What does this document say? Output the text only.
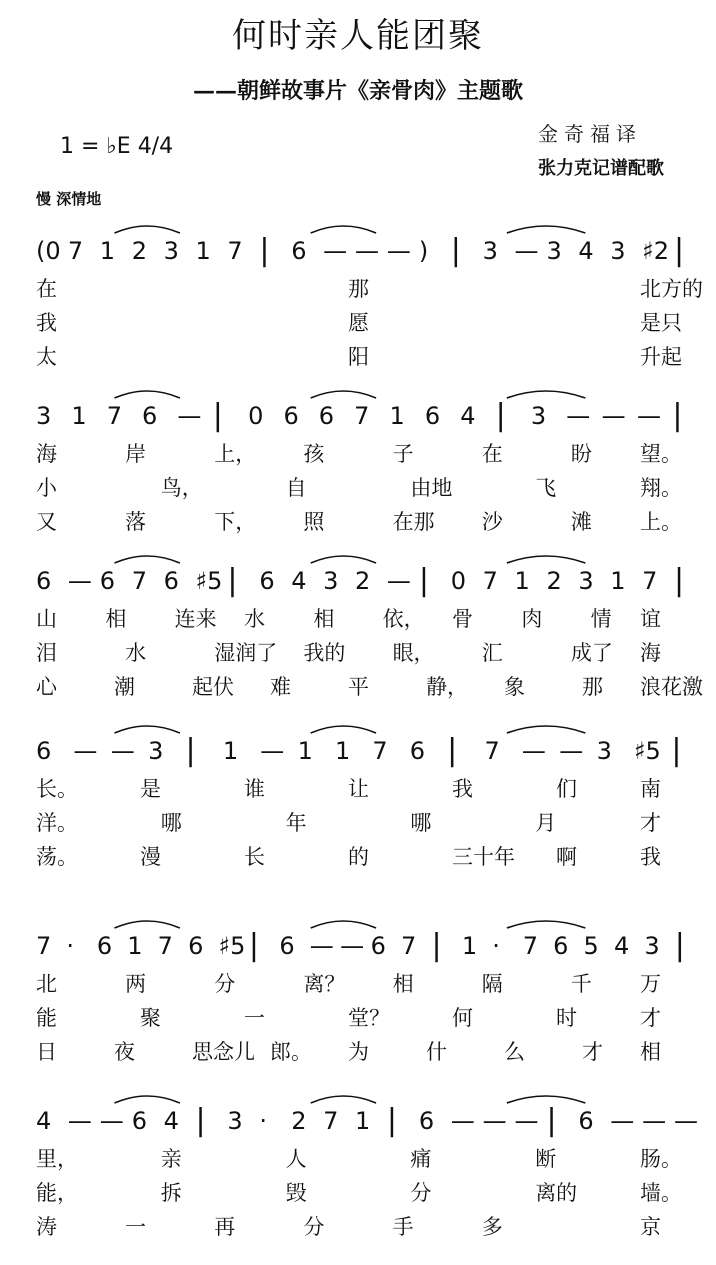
何时亲人能团聚
——朝鲜故事片《亲骨肉》主题歌
1 = ♭E 4/4	金奇福译
张力克记谱配歌
慢 深情地
(0 7 1 2 3 1 7 | 6 — — — ) | 3 — 3 4 3 ♯2 |
在	那	北方的
我	愿	是只
太	阳	升起
3 1 7 6 — | 0 6 6 7 1 6 4 | 3 — — — |
海	岸	上， 孩	子	在	盼 望。
小	鸟，	自	由地	飞	翔。
又	落	下， 照	在那 沙	滩 上。
6 — 6 7 6 ♯5 | 6 4 3 2 — | 0 7 1 2 3 1 7 |
山 相 连来 水 相 依， 骨 肉 情 谊
泪	水	湿润了 我的 眼， 汇	成了 海
心	潮	起伏 难	平	静， 象	那 浪花激
6 — — 3 | 1 — 1 1 7 6 | 7 — — 3 ♯5 |
长。	是	谁	让	我	们	南
洋。	哪	年	哪	月	才
荡。	漫	长	的	三十年 啊	我
7 · 6 1 7 6 ♯5 | 6 — — 6 7 | 1 · 7 6 5 4 3 |
北	两	分	离？ 相	隔	千 万
能	聚	一	堂？	何	时	才
日	夜	思念儿 郎。 为	什	么	才 相
4 — — 6 4 | 3 · 2 7 1 | 6 — — — | 6 — — —
里，	亲	人	痛	断	肠。
能，	拆	毁	分	离的	墙。
涛	一	再	分	手	多	京
